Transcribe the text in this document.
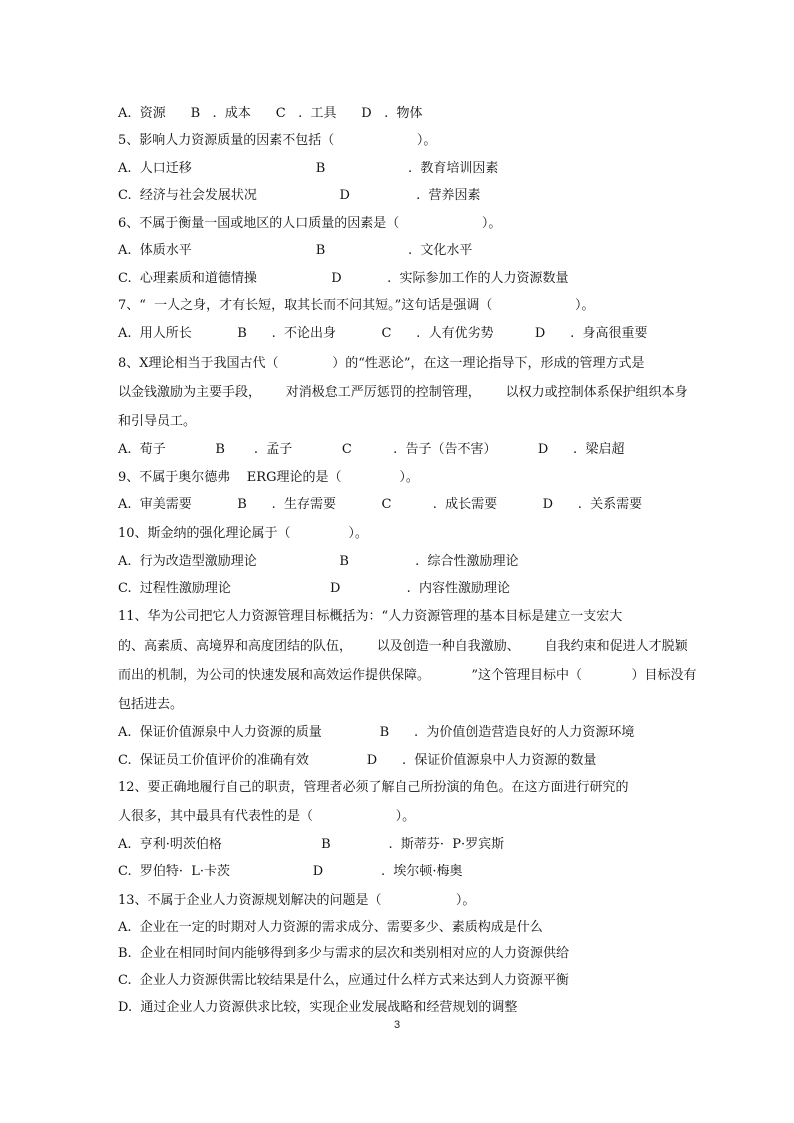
A.  资源      B   .  成本      C   .  工具      D   .  物体
5、影响人力资源质量的因素不包括（                    ）。
A.  人口迁移                              B                    .  教育培训因素
C.  经济与社会发展状况                    D                .  营养因素
6、不属于衡量一国或地区的人口质量的因素是（                    ）。
A.  体质水平                              B                    .  文化水平
C.  心理素质和道德情操                  D           .  实际参加工作的人力资源数量
7、“  一人之身，才有长短，取其长而不问其短。”这句话是强调（                    ）。
A.  用人所长           B      .  不论出身           C      .  人有优劣势          D      .  身高很重要
8、X理论相当于我国古代（             ）的“性恶论”，在这一理论指导下，形成的管理方式是
以金钱激励为主要手段，      对消极怠工严厉惩罚的控制管理，      以权力或控制体系保护组织本身
和引导员工。
A.  荀子            B       .  孟子            C          .  告子（告不害）          D      .  梁启超
9、不属于奥尔德弗    ERG理论的是（              ）。
A.  审美需要           B      .  生存需要           C          .  成长需要           D      .  关系需要
10、斯金纳的强化理论属于（              ）。
A.  行为改造型激励理论                    B                .  综合性激励理论
C.  过程性激励理论                        D                .  内容性激励理论
11、华为公司把它人力资源管理目标概括为：“人力资源管理的基本目标是建立一支宏大
的、高素质、高境界和高度团结的队伍，      以及创造一种自我激励、      自我约束和促进人才脱颖
而出的机制，为公司的快速发展和高效运作提供保障。          ”这个管理目标中（            ）目标没有
包括进去。
A.  保证价值源泉中人力资源的质量              B      .  为价值创造营造良好的人力资源环境
C.  保证员工价值评价的准确有效              D      .  保证价值源泉中人力资源的数量
12、要正确地履行自己的职责，管理者必须了解自己所扮演的角色。在这方面进行研究的
人很多，其中最具有代表性的是（                    ）。
A.  亨利·明茨伯格                        B              .  斯蒂芬·  P·罗宾斯
C.  罗伯特·  L·卡茨                    D              .  埃尔顿·梅奥
13、不属于企业人力资源规划解决的问题是（                  ）。
A.  企业在一定的时期对人力资源的需求成分、需要多少、素质构成是什么
B.  企业在相同时间内能够得到多少与需求的层次和类别相对应的人力资源供给
C.  企业人力资源供需比较结果是什么，应通过什么样方式来达到人力资源平衡
D.  通过企业人力资源供求比较，实现企业发展战略和经营规划的调整
3
